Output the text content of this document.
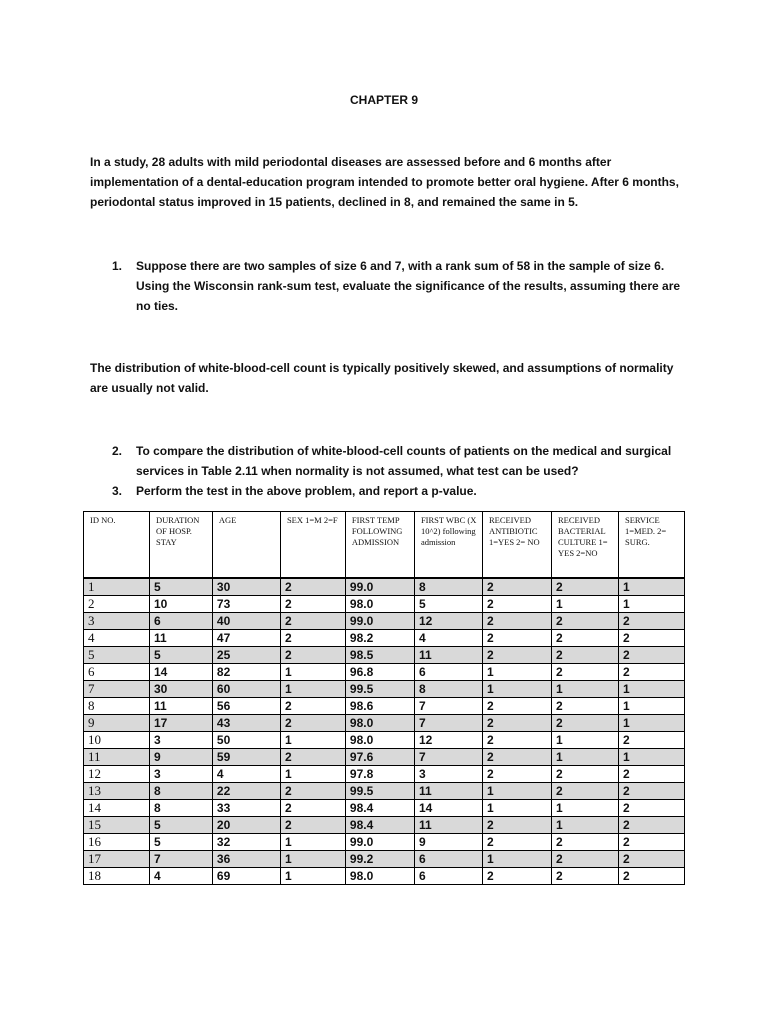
CHAPTER 9
In a study, 28 adults with mild periodontal diseases are assessed before and 6 months after implementation of a dental-education program intended to promote better oral hygiene. After 6 months, periodontal status improved in 15 patients, declined in 8, and remained the same in 5.
1.	Suppose there are two samples of size 6 and 7, with a rank sum of 58 in the sample of size 6. Using the Wisconsin rank-sum test, evaluate the significance of the results, assuming there are no ties.
The distribution of white-blood-cell count is typically positively skewed, and assumptions of normality are usually not valid.
2.	To compare the distribution of white-blood-cell counts of patients on the medical and surgical services in Table 2.11 when normality is not assumed, what test can be used?
3.	Perform the test in the above problem, and report a p-value.
ID NO.	DURATION OF HOSP. STAY	AGE	SEX 1=M 2=F	FIRST TEMP FOLLOWING ADMISSION	FIRST WBC (X 10^2) following admission	RECEIVED ANTIBIOTIC 1=YES 2= NO	RECEIVED BACTERIAL CULTURE 1= YES 2=NO	SERVICE 1=MED. 2= SURG.
1	5	30	2	99.0	8	2	2	1
2	10	73	2	98.0	5	2	1	1
3	6	40	2	99.0	12	2	2	2
4	11	47	2	98.2	4	2	2	2
5	5	25	2	98.5	11	2	2	2
6	14	82	1	96.8	6	1	2	2
7	30	60	1	99.5	8	1	1	1
8	11	56	2	98.6	7	2	2	1
9	17	43	2	98.0	7	2	2	1
10	3	50	1	98.0	12	2	1	2
11	9	59	2	97.6	7	2	1	1
12	3	4	1	97.8	3	2	2	2
13	8	22	2	99.5	11	1	2	2
14	8	33	2	98.4	14	1	1	2
15	5	20	2	98.4	11	2	1	2
16	5	32	1	99.0	9	2	2	2
17	7	36	1	99.2	6	1	2	2
18	4	69	1	98.0	6	2	2	2
